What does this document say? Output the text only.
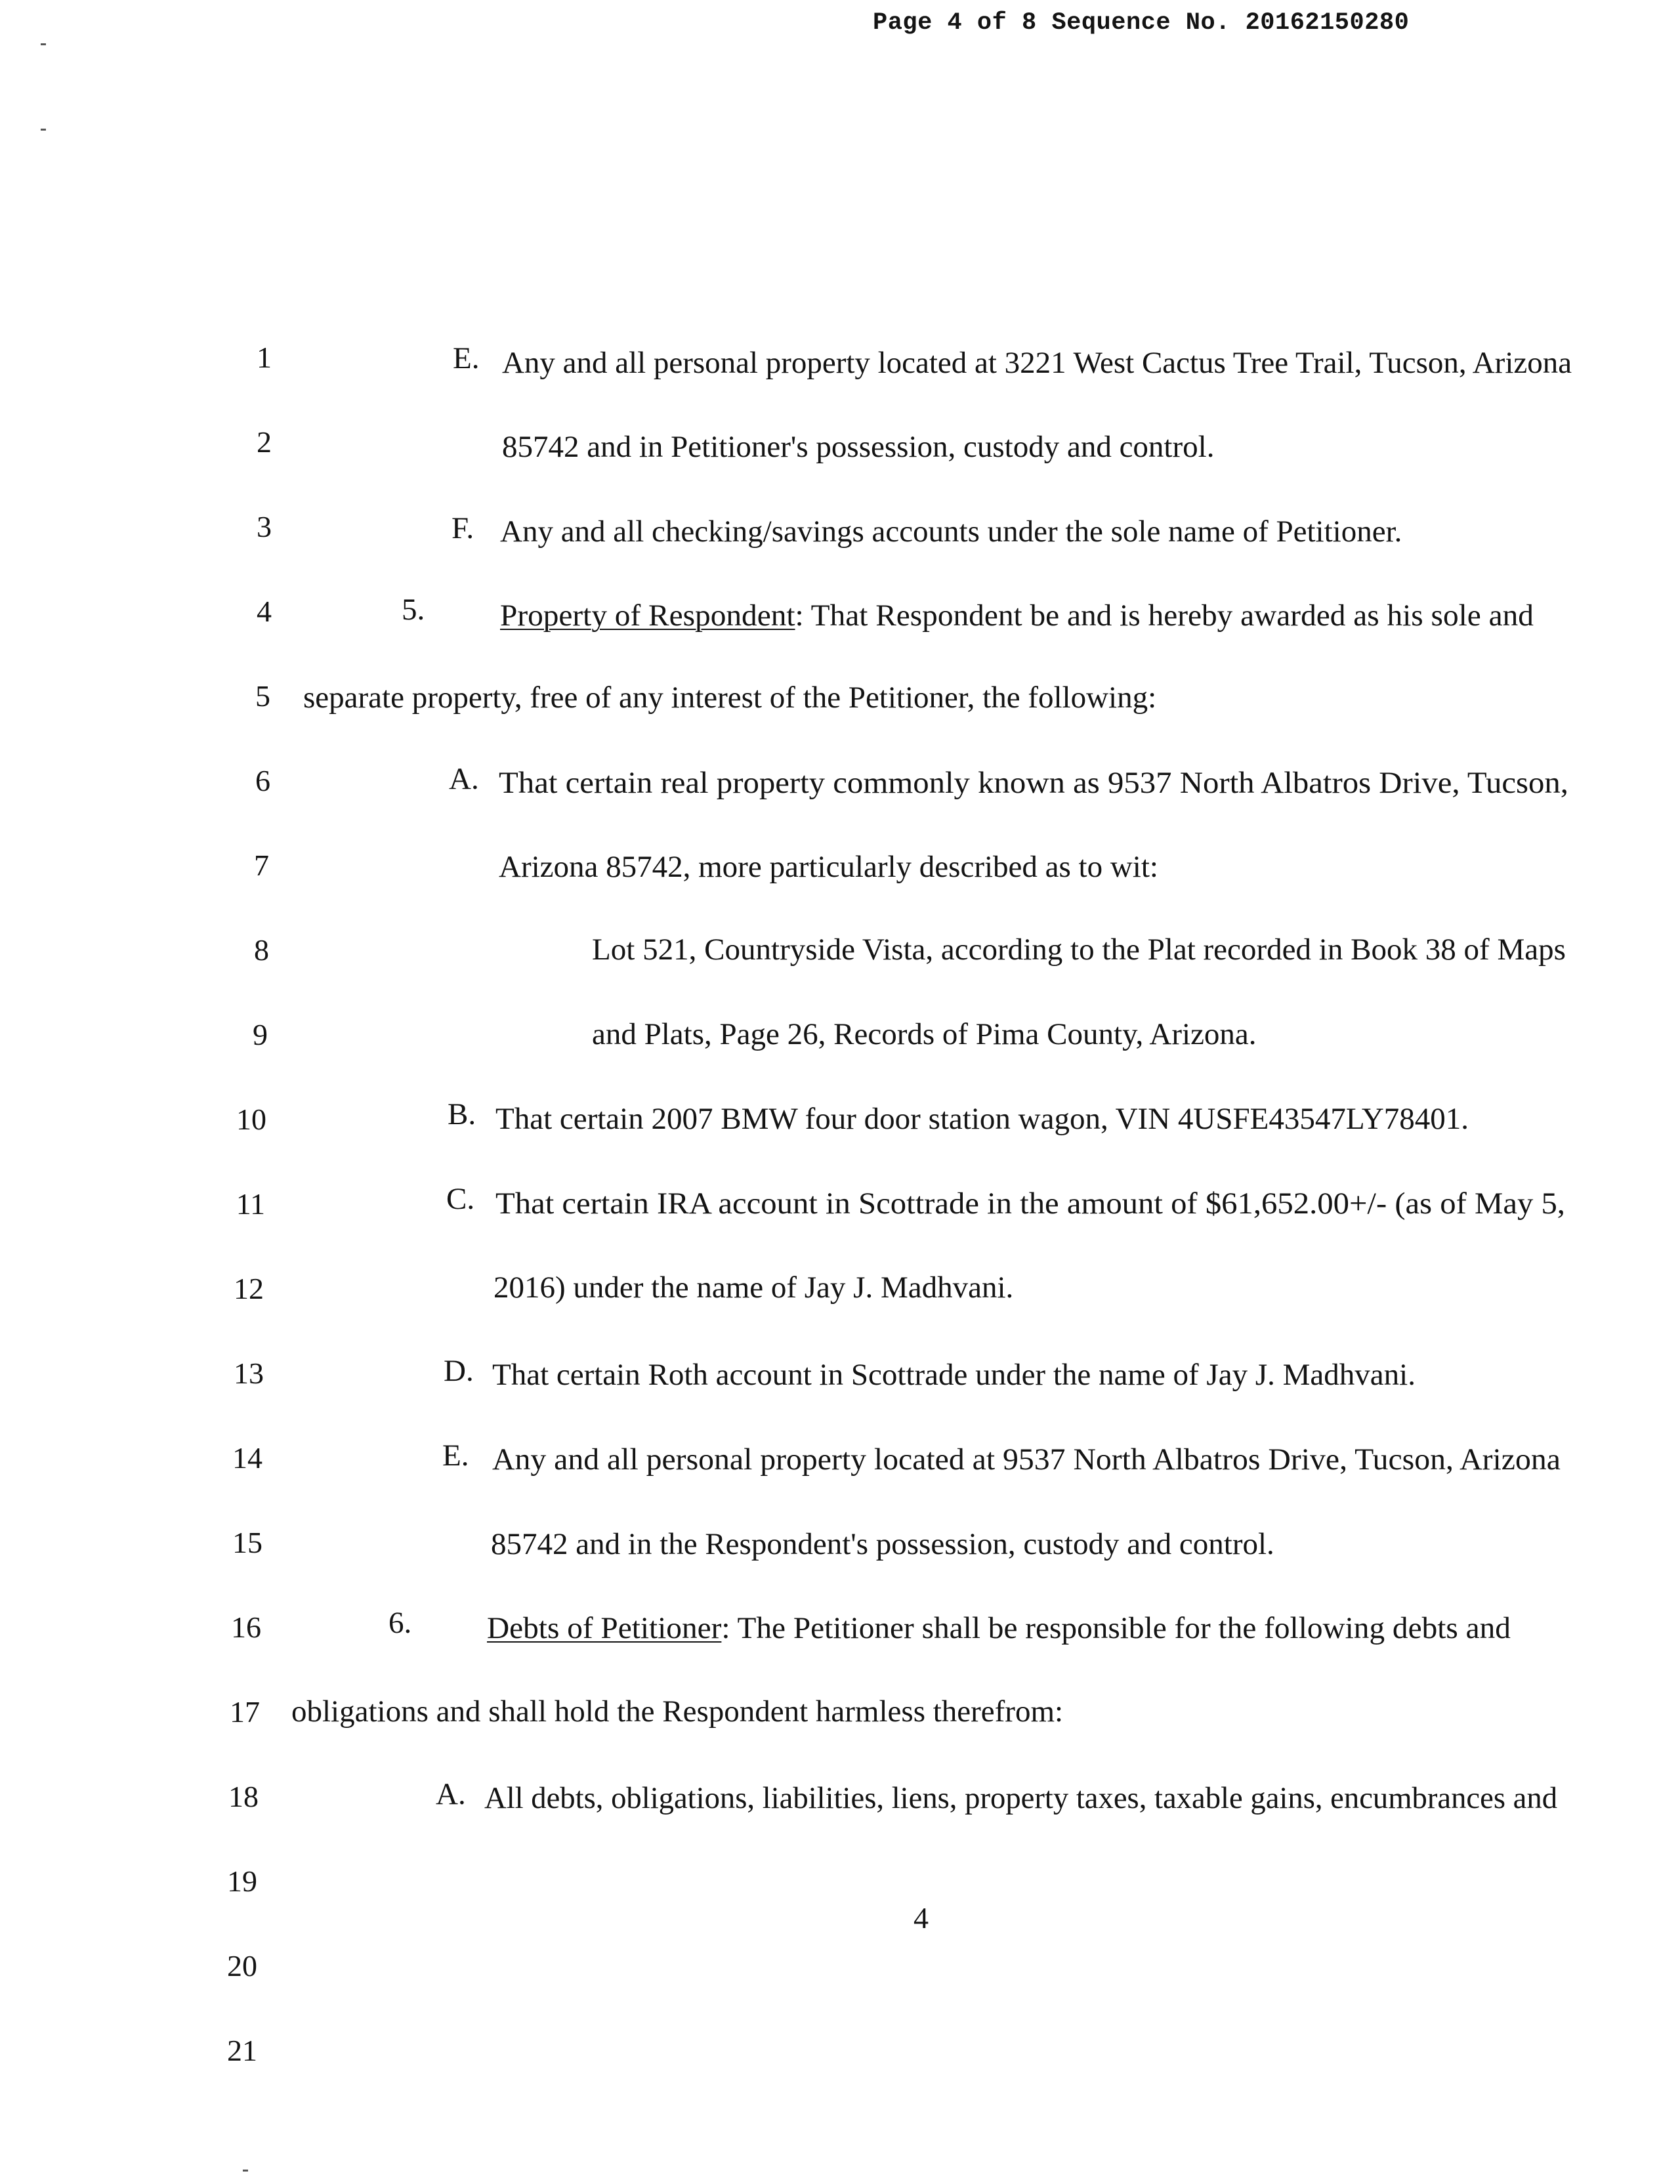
Page 4 of 8 Sequence No. 20162150280
1
2
3
4
5
6
7
8
9
10
11
12
13
14
15
16
17
18
19
20
21
E. Any and all personal property located at 3221 West Cactus Tree Trail, Tucson, Arizona
85742 and in Petitioner's possession, custody and control.
F. Any and all checking/savings accounts under the sole name of Petitioner.
5. Property of Respondent: That Respondent be and is hereby awarded as his sole and
separate property, free of any interest of the Petitioner, the following:
A. That certain real property commonly known as 9537 North Albatros Drive, Tucson,
Arizona 85742, more particularly described as to wit:
Lot 521, Countryside Vista, according to the Plat recorded in Book 38 of Maps
and Plats, Page 26, Records of Pima County, Arizona.
B. That certain 2007 BMW four door station wagon, VIN 4USFE43547LY78401.
C. That certain IRA account in Scottrade in the amount of $61,652.00+/- (as of May 5,
2016) under the name of Jay J. Madhvani.
D. That certain Roth account in Scottrade under the name of Jay J. Madhvani.
E. Any and all personal property located at 9537 North Albatros Drive, Tucson, Arizona
85742 and in the Respondent's possession, custody and control.
6. Debts of Petitioner: The Petitioner shall be responsible for the following debts and
obligations and shall hold the Respondent harmless therefrom:
A. All debts, obligations, liabilities, liens, property taxes, taxable gains, encumbrances and
4
